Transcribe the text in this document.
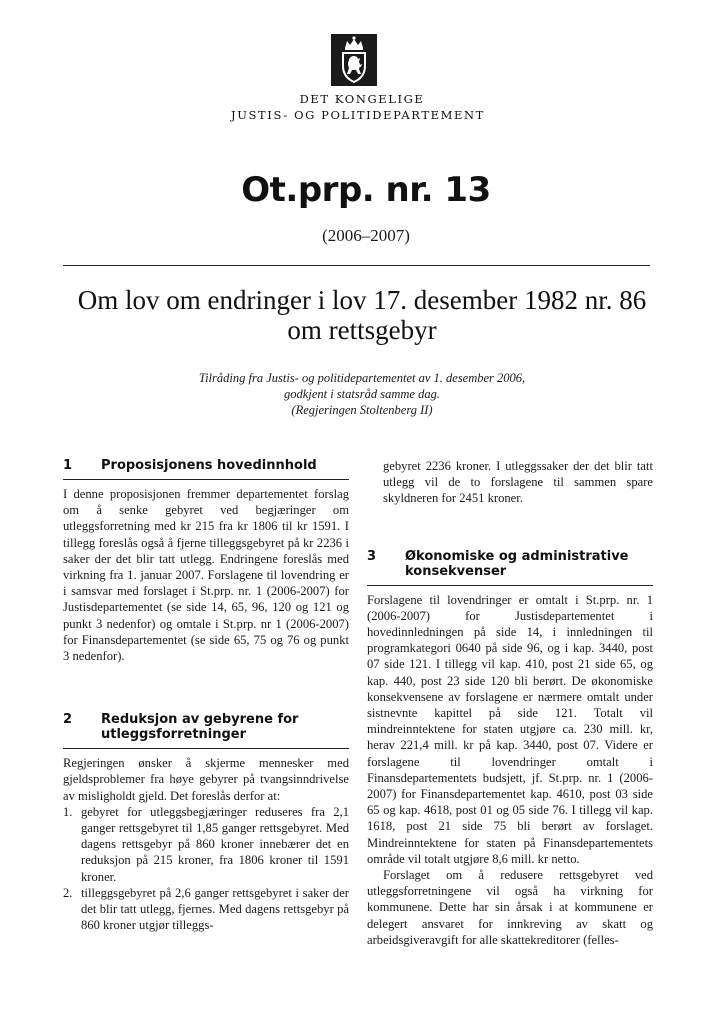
DET KONGELIGE
JUSTIS- OG POLITIDEPARTEMENT
Ot.prp. nr. 13
(2006–2007)
Om lov om endringer i lov 17. desember 1982 nr. 86 om rettsgebyr
Tilråding fra Justis- og politidepartementet av 1. desember 2006,
godkjent i statsråd samme dag.
(Regjeringen Stoltenberg II)
1	Proposisjonens hovedinnhold

I denne proposisjonen fremmer departementet forslag om å senke gebyret ved begjæringer om utleggsforretning med kr 215 fra kr 1806 til kr 1591. I tillegg foreslås også å fjerne tilleggsgebyret på kr 2236 i saker der det blir tatt utlegg. Endringene foreslås med virkning fra 1. januar 2007. Forslagene til lovendring er i samsvar med forslaget i St.prp. nr. 1 (2006-2007) for Justisdepartementet (se side 14, 65, 96, 120 og 121 og punkt 3 nedenfor) og omtale i St.prp. nr 1 (2006-2007) for Finansdepartementet (se side 65, 75 og 76 og punkt 3 nedenfor).

2	Reduksjon av gebyrene for utleggsforretninger

Regjeringen ønsker å skjerme mennesker med gjeldsproblemer fra høye gebyrer på tvangsinndrivelse av misligholdt gjeld. Det foreslås derfor at:

1. gebyret for utleggsbegjæringer reduseres fra 2,1 ganger rettsgebyret til 1,85 ganger rettsgebyret. Med dagens rettsgebyr på 860 kroner innebærer det en reduksjon på 215 kroner, fra 1806 kroner til 1591 kroner.
2. tilleggsgebyret på 2,6 ganger rettsgebyret i saker der det blir tatt utlegg, fjernes. Med dagens rettsgebyr på 860 kroner utgjør tilleggs-

gebyret 2236 kroner. I utleggssaker der det blir tatt utlegg vil de to forslagene til sammen spare skyldneren for 2451 kroner.

3	Økonomiske og administrative konsekvenser

Forslagene til lovendringer er omtalt i St.prp. nr. 1 (2006-2007) for Justisdepartementet i hovedinnledningen på side 14, i innledningen til programkategori 0640 på side 96, og i kap. 3440, post 07 side 121. I tillegg vil kap. 410, post 21 side 65, og kap. 440, post 23 side 120 bli berørt. De økonomiske konsekvensene av forslagene er nærmere omtalt under sistnevnte kapittel på side 121. Totalt vil mindreinntektene for staten utgjøre ca. 230 mill. kr, herav 221,4 mill. kr på kap. 3440, post 07. Videre er forslagene til lovendringer omtalt i Finansdepartementets budsjett, jf. St.prp. nr. 1 (2006-2007) for Finansdepartementet kap. 4610, post 03 side 65 og kap. 4618, post 01 og 05 side 76. I tillegg vil kap. 1618, post 21 side 75 bli berørt av forslaget. Mindreinntektene for staten på Finansdepartementets område vil totalt utgjøre 8,6 mill. kr netto.

Forslaget om å redusere rettsgebyret ved utleggsforretningene vil også ha virkning for kommunene. Dette har sin årsak i at kommunene er delegert ansvaret for innkreving av skatt og arbeidsgiveravgift for alle skattekreditorer (felles-
